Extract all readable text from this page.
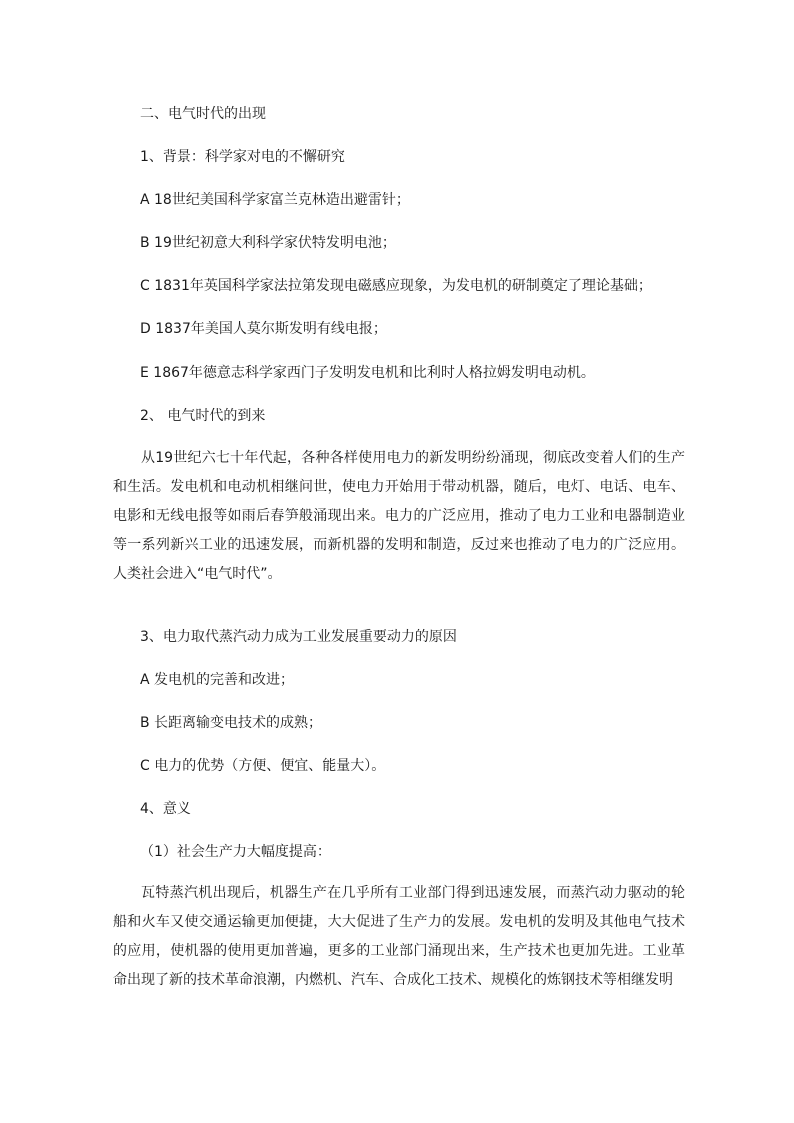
二、电气时代的出现
1、背景：科学家对电的不懈研究
A 18世纪美国科学家富兰克林造出避雷针；
B 19世纪初意大利科学家伏特发明电池；
C 1831年英国科学家法拉第发现电磁感应现象，为发电机的研制奠定了理论基础；
D 1837年美国人莫尔斯发明有线电报；
E 1867年德意志科学家西门子发明发电机和比利时人格拉姆发明电动机。
2、 电气时代的到来

从19世纪六七十年代起，各种各样使用电力的新发明纷纷涌现，彻底改变着人们的生产和生活。发电机和电动机相继问世，使电力开始用于带动机器，随后，电灯、电话、电车、电影和无线电报等如雨后春笋般涌现出来。电力的广泛应用，推动了电力工业和电器制造业等一系列新兴工业的迅速发展，而新机器的发明和制造，反过来也推动了电力的广泛应用。人类社会进入“电气时代”。

3、电力取代蒸汽动力成为工业发展重要动力的原因
A 发电机的完善和改进；
B 长距离输变电技术的成熟；
C 电力的优势（方便、便宜、能量大）。
4、意义
（1）社会生产力大幅度提高：

瓦特蒸汽机出现后，机器生产在几乎所有工业部门得到迅速发展，而蒸汽动力驱动的轮船和火车又使交通运输更加便捷，大大促进了生产力的发展。发电机的发明及其他电气技术的应用，使机器的使用更加普遍，更多的工业部门涌现出来，生产技术也更加先进。工业革命出现了新的技术革命浪潮，内燃机、汽车、合成化工技术、规模化的炼钢技术等相继发明
